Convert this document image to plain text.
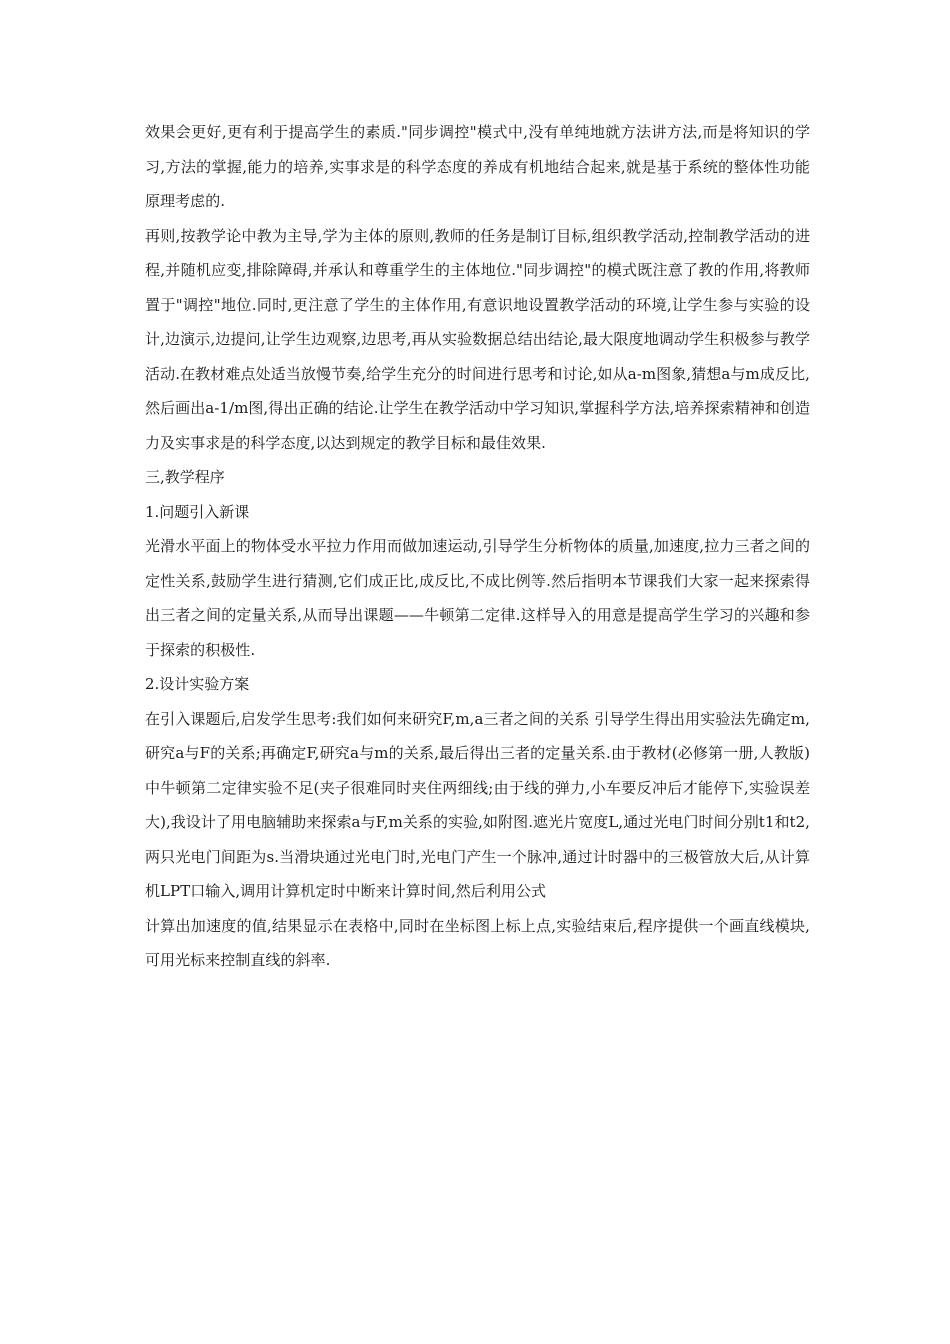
效果会更好,更有利于提高学生的素质."同步调控"模式中,没有单纯地就方法讲方法,而是将知识的学习,方法的掌握,能力的培养,实事求是的科学态度的养成有机地结合起来,就是基于系统的整体性功能原理考虑的.

再则,按教学论中教为主导,学为主体的原则,教师的任务是制订目标,组织教学活动,控制教学活动的进程,并随机应变,排除障碍,并承认和尊重学生的主体地位."同步调控"的模式既注意了教的作用,将教师置于"调控"地位.同时,更注意了学生的主体作用,有意识地设置教学活动的环境,让学生参与实验的设计,边演示,边提问,让学生边观察,边思考,再从实验数据总结出结论,最大限度地调动学生积极参与教学活动.在教材难点处适当放慢节奏,给学生充分的时间进行思考和讨论,如从a-m图象,猜想a与m成反比,然后画出a-1/m图,得出正确的结论.让学生在教学活动中学习知识,掌握科学方法,培养探索精神和创造力及实事求是的科学态度,以达到规定的教学目标和最佳效果.

三,教学程序

1.问题引入新课

光滑水平面上的物体受水平拉力作用而做加速运动,引导学生分析物体的质量,加速度,拉力三者之间的定性关系,鼓励学生进行猜测,它们成正比,成反比,不成比例等.然后指明本节课我们大家一起来探索得出三者之间的定量关系,从而导出课题——牛顿第二定律.这样导入的用意是提高学生学习的兴趣和参于探索的积极性.

2.设计实验方案

在引入课题后,启发学生思考:我们如何来研究F,m,a三者之间的关系 引导学生得出用实验法先确定m,研究a与F的关系;再确定F,研究a与m的关系,最后得出三者的定量关系.由于教材(必修第一册,人教版)中牛顿第二定律实验不足(夹子很难同时夹住两细线;由于线的弹力,小车要反冲后才能停下,实验误差大),我设计了用电脑辅助来探索a与F,m关系的实验,如附图.遮光片宽度L,通过光电门时间分别t1和t2,两只光电门间距为s.当滑块通过光电门时,光电门产生一个脉冲,通过计时器中的三极管放大后,从计算机LPT口输入,调用计算机定时中断来计算时间,然后利用公式

计算出加速度的值,结果显示在表格中,同时在坐标图上标上点,实验结束后,程序提供一个画直线模块,可用光标来控制直线的斜率.
